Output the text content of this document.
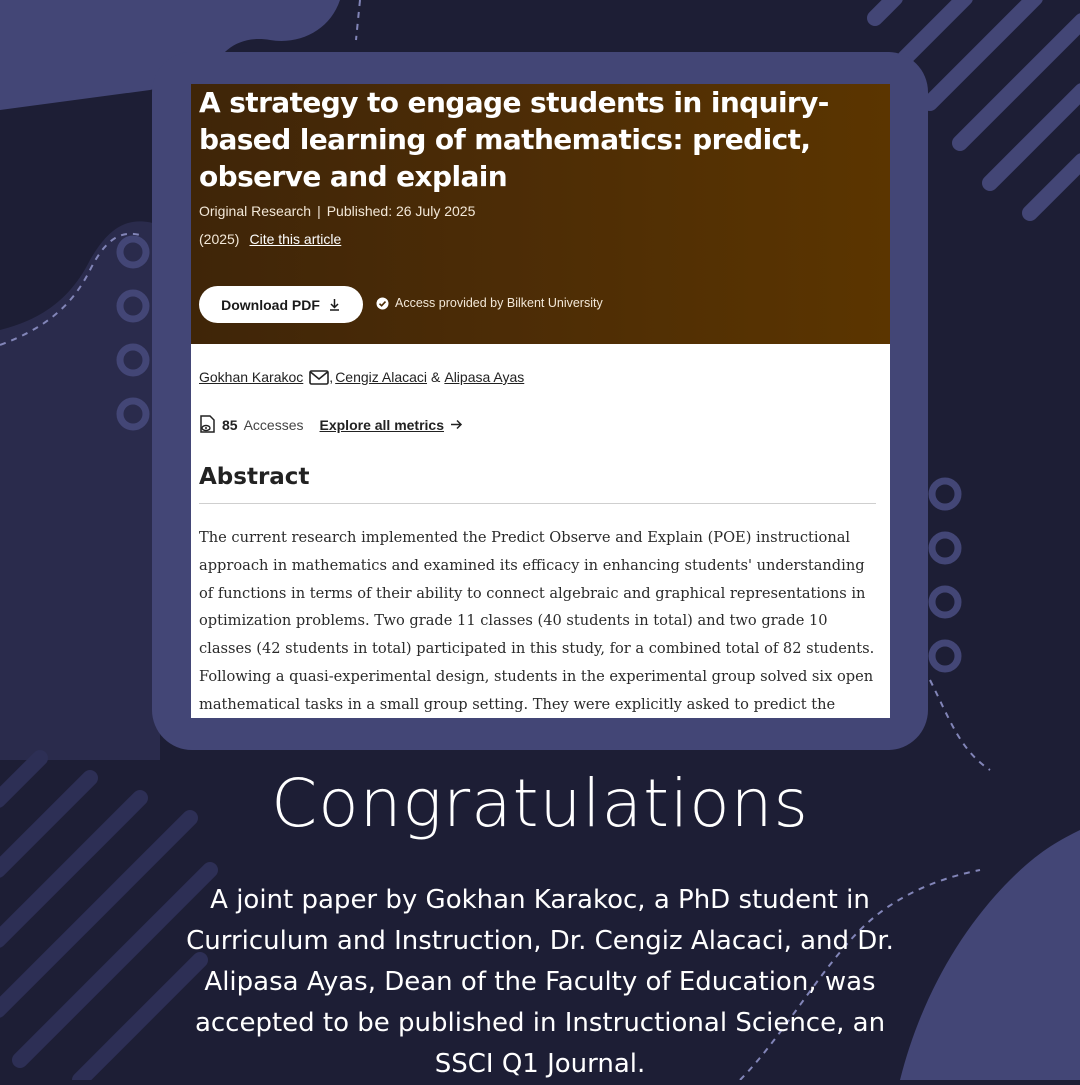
A strategy to engage students in inquiry-based learning of mathematics: predict, observe and explain
Original Research | Published: 26 July 2025
(2025) Cite this article
Download PDF	Access provided by Bilkent University
Gokhan Karakoc , Cengiz Alacaci & Alipasa Ayas
85 Accesses Explore all metrics
Abstract

The current research implemented the Predict Observe and Explain (POE) instructional approach in mathematics and examined its efficacy in enhancing students' understanding of functions in terms of their ability to connect algebraic and graphical representations in optimization problems. Two grade 11 classes (40 students in total) and two grade 10 classes (42 students in total) participated in this study, for a combined total of 82 students. Following a quasi-experimental design, students in the experimental group solved six open mathematical tasks in a small group setting. They were explicitly asked to predict the

Congratulations

A joint paper by Gokhan Karakoc, a PhD student in Curriculum and Instruction, Dr. Cengiz Alacaci, and Dr. Alipasa Ayas, Dean of the Faculty of Education, was accepted to be published in Instructional Science, an SSCI Q1 Journal.
